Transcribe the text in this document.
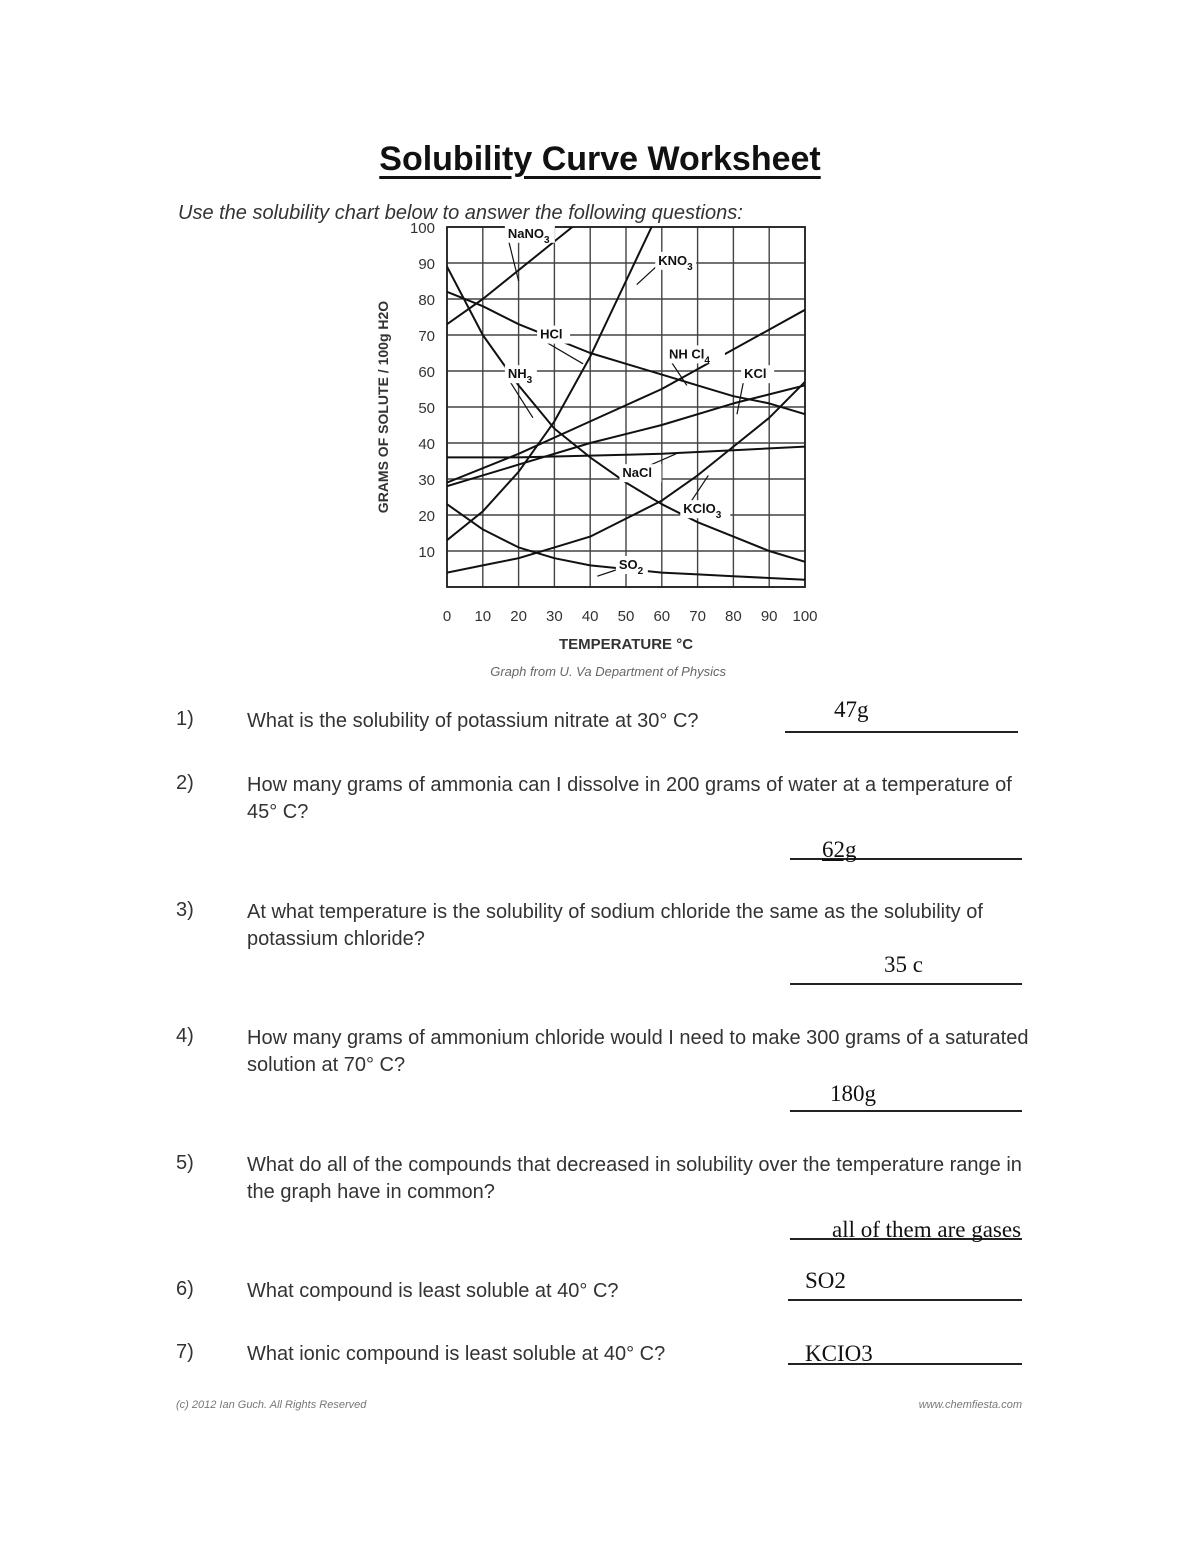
Solubility Curve Worksheet
Use the solubility chart below to answer the following questions:
10
20
30
40
50
60
70
80
90
100
0 10 20 30 40 50 60 70 80 90 100
TEMPERATURE °C
GRAMS OF SOLUTE / 100g H2O
Graph from U. Va Department of Physics
NaNO$_3$
$KNO_3$
HCl
NH $Cl_4$
KCl
$NH_3$
NaCl
KClO$_3$
$SO_2$
1)	What is the solubility of potassium nitrate at 30° C?	47g
2)	How many grams of ammonia can I dissolve in 200 grams of water at a temperature of 45° C?
62g
3)	At what temperature is the solubility of sodium chloride the same as the solubility of potassium chloride?
35 c
4)	How many grams of ammonium chloride would I need to make 300 grams of a saturated solution at 70° C?
180g
5)	What do all of the compounds that decreased in solubility over the temperature range in the graph have in common?
all of them are gases
6)	What compound is least soluble at 40° C?	SO2
7)	What ionic compound is least soluble at 40° C?	KCIO3
(c) 2012 Ian Guch. All Rights Reserved	www.chemfiesta.com
